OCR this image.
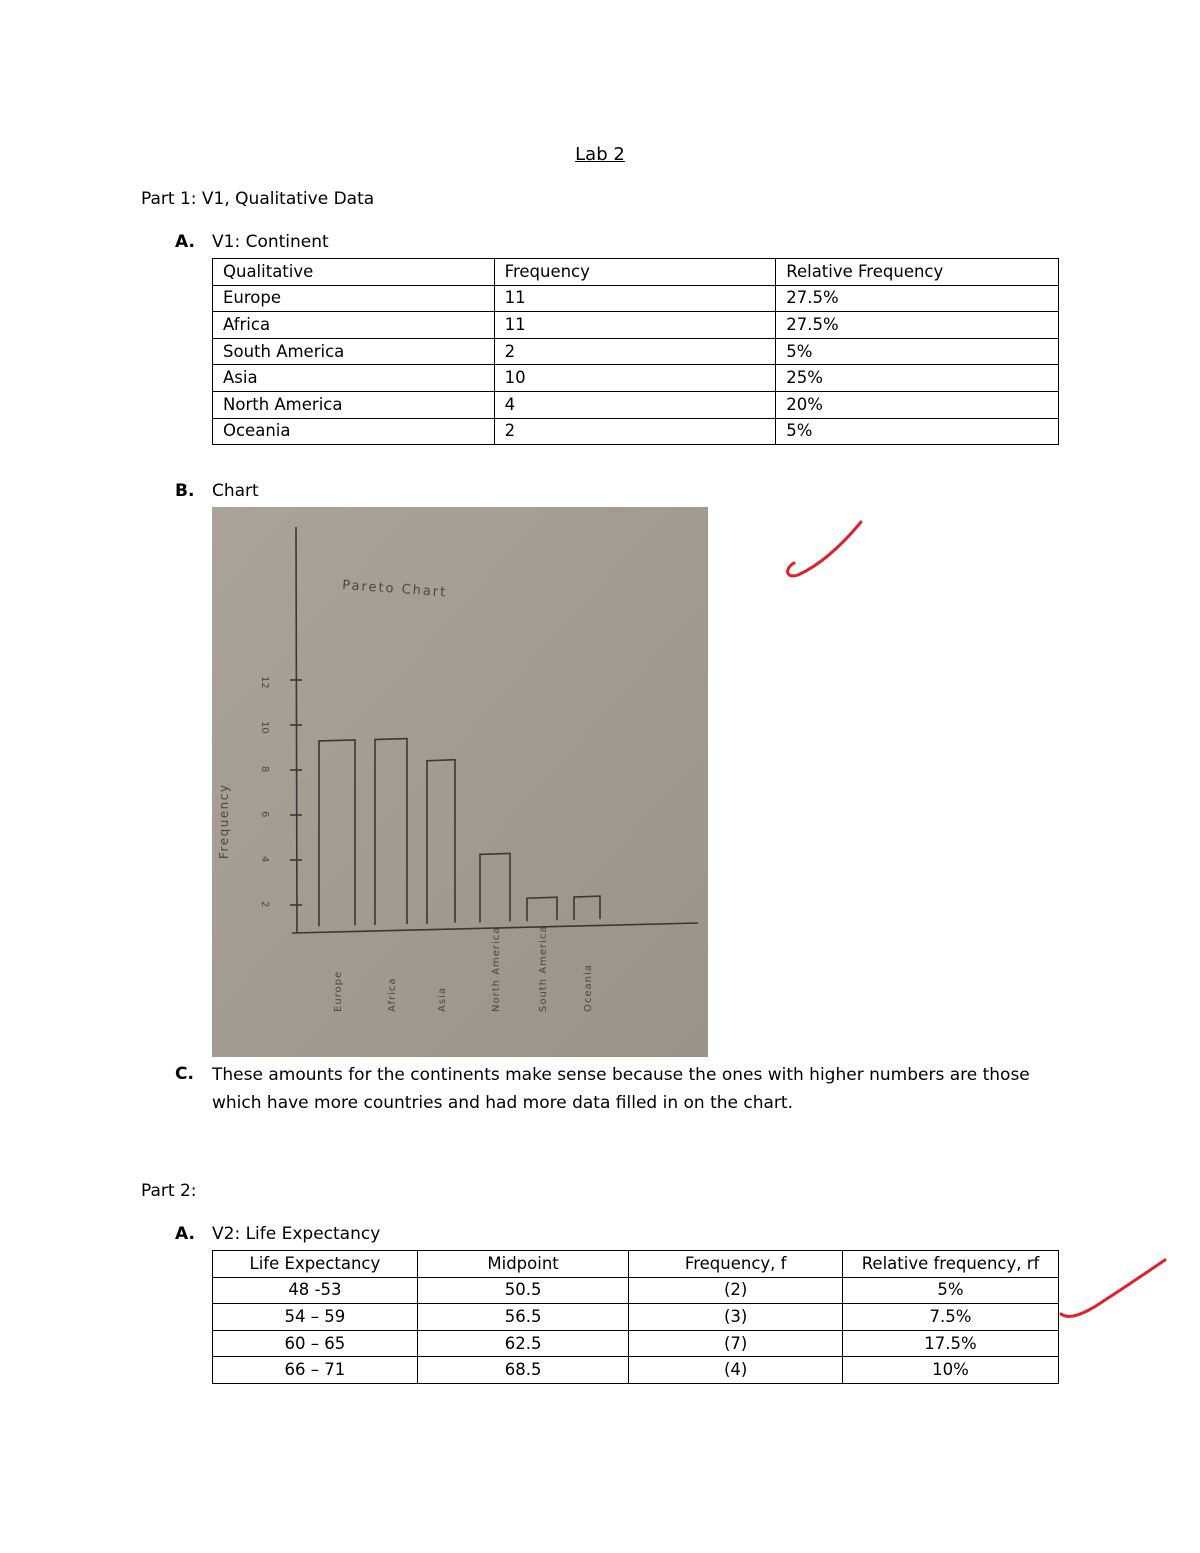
Lab 2
Part 1: V1, Qualitative Data
A. V1: Continent
Qualitative	Frequency	Relative Frequency
Europe	11	27.5%
Africa	11	27.5%
South America	2	5%
Asia	10	25%
North America	4	20%
Oceania	2	5%
B. Chart
2
4
6
8
10
12
Europe	Africa	Asia	North America	South America	Oceania
Pareto Chart
Frequency
C. These amounts for the continents make sense because the ones with higher numbers are those which have more countries and had more data filled in on the chart.
Part 2:
A. V2: Life Expectancy
Life Expectancy	Midpoint	Frequency, f	Relative frequency, rf
48 -53	50.5	(2)	5%
54 – 59	56.5	(3)	7.5%
60 – 65	62.5	(7)	17.5%
66 – 71	68.5	(4)	10%
